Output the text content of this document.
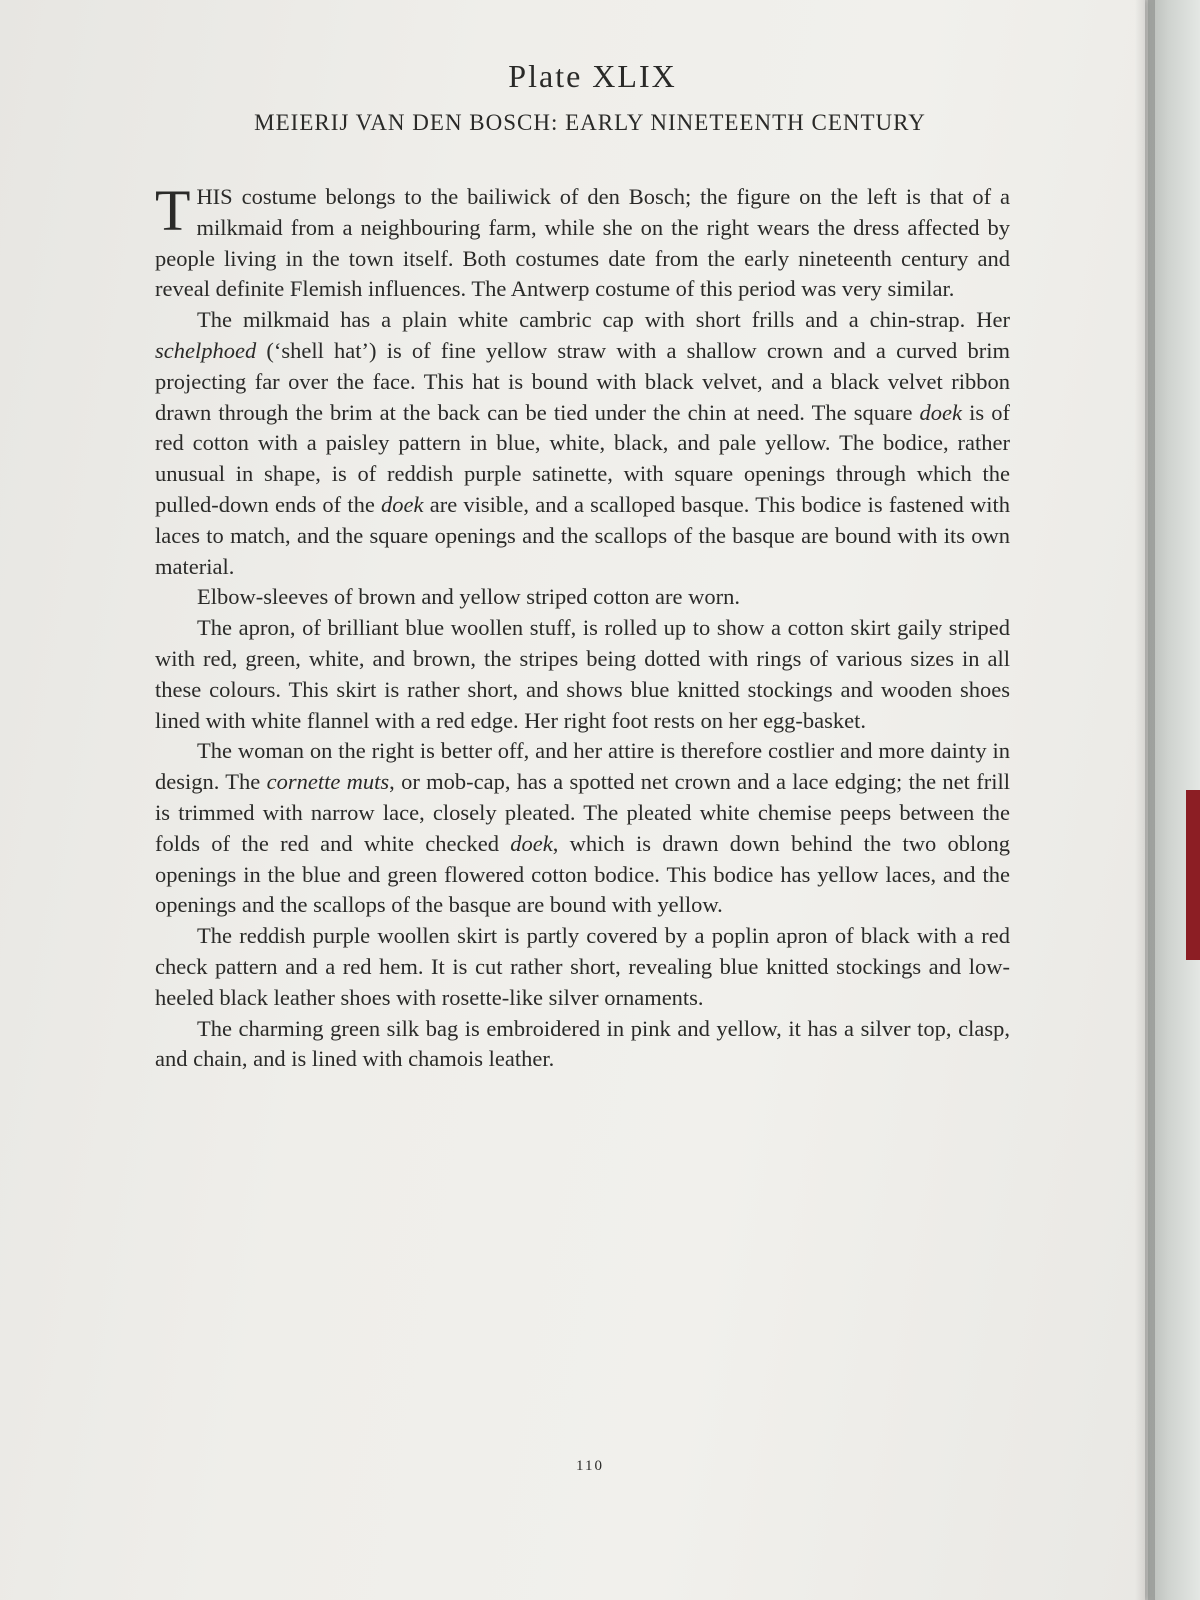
Plate XLIX
MEIERIJ VAN DEN BOSCH: EARLY NINETEENTH CENTURY

THIS costume belongs to the bailiwick of den Bosch; the figure on the left is that of a milkmaid from a neighbouring farm, while she on the right wears the dress affected by people living in the town itself. Both costumes date from the early nineteenth century and reveal definite Flemish influences. The Antwerp costume of this period was very similar.

The milkmaid has a plain white cambric cap with short frills and a chin-strap. Her schelphoed (‘shell hat’) is of fine yellow straw with a shallow crown and a curved brim projecting far over the face. This hat is bound with black velvet, and a black velvet ribbon drawn through the brim at the back can be tied under the chin at need. The square doek is of red cotton with a paisley pattern in blue, white, black, and pale yellow. The bodice, rather unusual in shape, is of reddish purple satinette, with square openings through which the pulled-down ends of the doek are visible, and a scalloped basque. This bodice is fastened with laces to match, and the square openings and the scallops of the basque are bound with its own material.

Elbow-sleeves of brown and yellow striped cotton are worn.

The apron, of brilliant blue woollen stuff, is rolled up to show a cotton skirt gaily striped with red, green, white, and brown, the stripes being dotted with rings of various sizes in all these colours. This skirt is rather short, and shows blue knitted stockings and wooden shoes lined with white flannel with a red edge. Her right foot rests on her egg-basket.

The woman on the right is better off, and her attire is therefore costlier and more dainty in design. The cornette muts, or mob-cap, has a spotted net crown and a lace edging; the net frill is trimmed with narrow lace, closely pleated. The pleated white chemise peeps between the folds of the red and white checked doek, which is drawn down behind the two oblong openings in the blue and green flowered cotton bodice. This bodice has yellow laces, and the openings and the scallops of the basque are bound with yellow.

The reddish purple woollen skirt is partly covered by a poplin apron of black with a red check pattern and a red hem. It is cut rather short, revealing blue knitted stockings and low-heeled black leather shoes with rosette-like silver ornaments.

The charming green silk bag is embroidered in pink and yellow, it has a silver top, clasp, and chain, and is lined with chamois leather.

110
